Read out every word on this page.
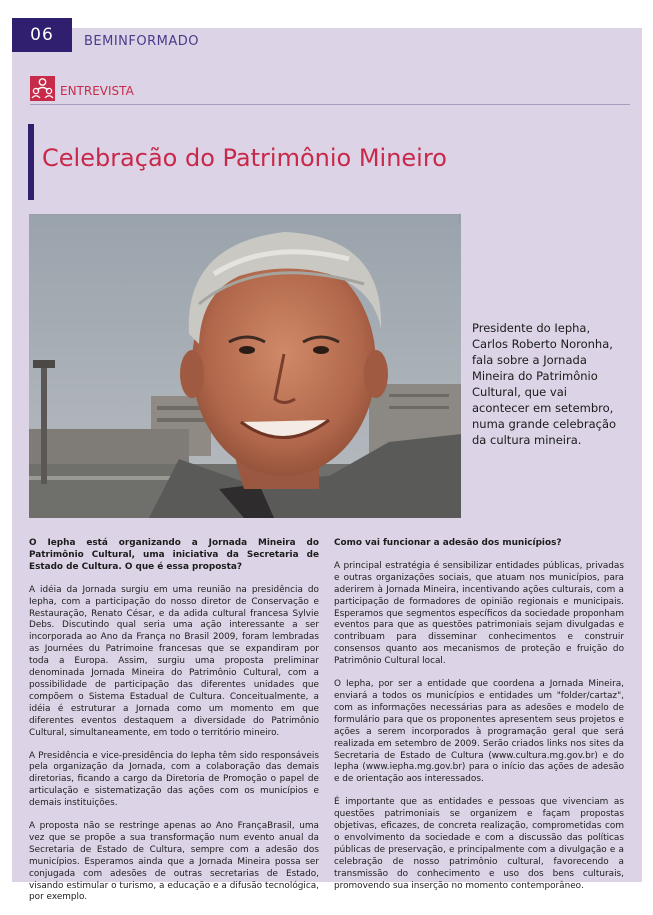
06	BEMINFORMADO
ENTREVISTA
Celebração do Patrimônio Mineiro
— —

Presidente do Iepha, Carlos Roberto Noronha, fala sobre a Jornada Mineira do Patrimônio Cultural, que vai acontecer em setembro, numa grande celebração da cultura mineira.

O Iepha está organizando a Jornada Mineira do Patrimônio Cultural, uma iniciativa da Secretaria de Estado de Cultura. O que é essa proposta?

A idéia da Jornada surgiu em uma reunião na presidência do Iepha, com a participação do nosso diretor de Conservação e Restauração, Renato César, e da adida cultural francesa Sylvie Debs. Discutindo qual seria uma ação interessante a ser incorporada ao Ano da França no Brasil 2009, foram lembradas as Journées du Patrimoine francesas que se expandiram por toda a Europa. Assim, surgiu uma proposta preliminar denominada Jornada Mineira do Patrimônio Cultural, com a possibilidade de participação das diferentes unidades que compõem o Sistema Estadual de Cultura. Conceitualmente, a idéia é estruturar a Jornada como um momento em que diferentes eventos destaquem a diversidade do Patrimônio Cultural, simultaneamente, em todo o território mineiro.

A Presidência e vice-presidência do Iepha têm sido responsáveis pela organização da Jornada, com a colaboração das demais diretorias, ficando a cargo da Diretoria de Promoção o papel de articulação e sistematização das ações com os municípios e demais instituições.

A proposta não se restringe apenas ao Ano FrançaBrasil, uma vez que se propõe a sua transformação num evento anual da Secretaria de Estado de Cultura, sempre com a adesão dos municípios. Esperamos ainda que a Jornada Mineira possa ser conjugada com adesões de outras secretarias de Estado, visando estimular o turismo, a educação e a difusão tecnológica, por exemplo.

Como vai funcionar a adesão dos municípios?

A principal estratégia é sensibilizar entidades públicas, privadas e outras organizações sociais, que atuam nos municípios, para aderirem à Jornada Mineira, incentivando ações culturais, com a participação de formadores de opinião regionais e municipais. Esperamos que segmentos específicos da sociedade proponham eventos para que as questões patrimoniais sejam divulgadas e contribuam para disseminar conhecimentos e construir consensos quanto aos mecanismos de proteção e fruição do Patrimônio Cultural local.

O Iepha, por ser a entidade que coordena a Jornada Mineira, enviará a todos os municípios e entidades um "folder/cartaz", com as informações necessárias para as adesões e modelo de formulário para que os proponentes apresentem seus projetos e ações a serem incorporados à programação geral que será realizada em setembro de 2009. Serão criados links nos sites da Secretaria de Estado de Cultura (www.cultura.mg.gov.br) e do Iepha (www.iepha.mg.gov.br) para o início das ações de adesão e de orientação aos interessados.

É importante que as entidades e pessoas que vivenciam as questões patrimoniais se organizem e façam propostas objetivas, eficazes, de concreta realização, comprometidas com o envolvimento da sociedade e com a discussão das políticas públicas de preservação, e principalmente com a divulgação e a celebração de nosso patrimônio cultural, favorecendo a transmissão do conhecimento e uso dos bens culturais, promovendo sua inserção no momento contemporâneo.
